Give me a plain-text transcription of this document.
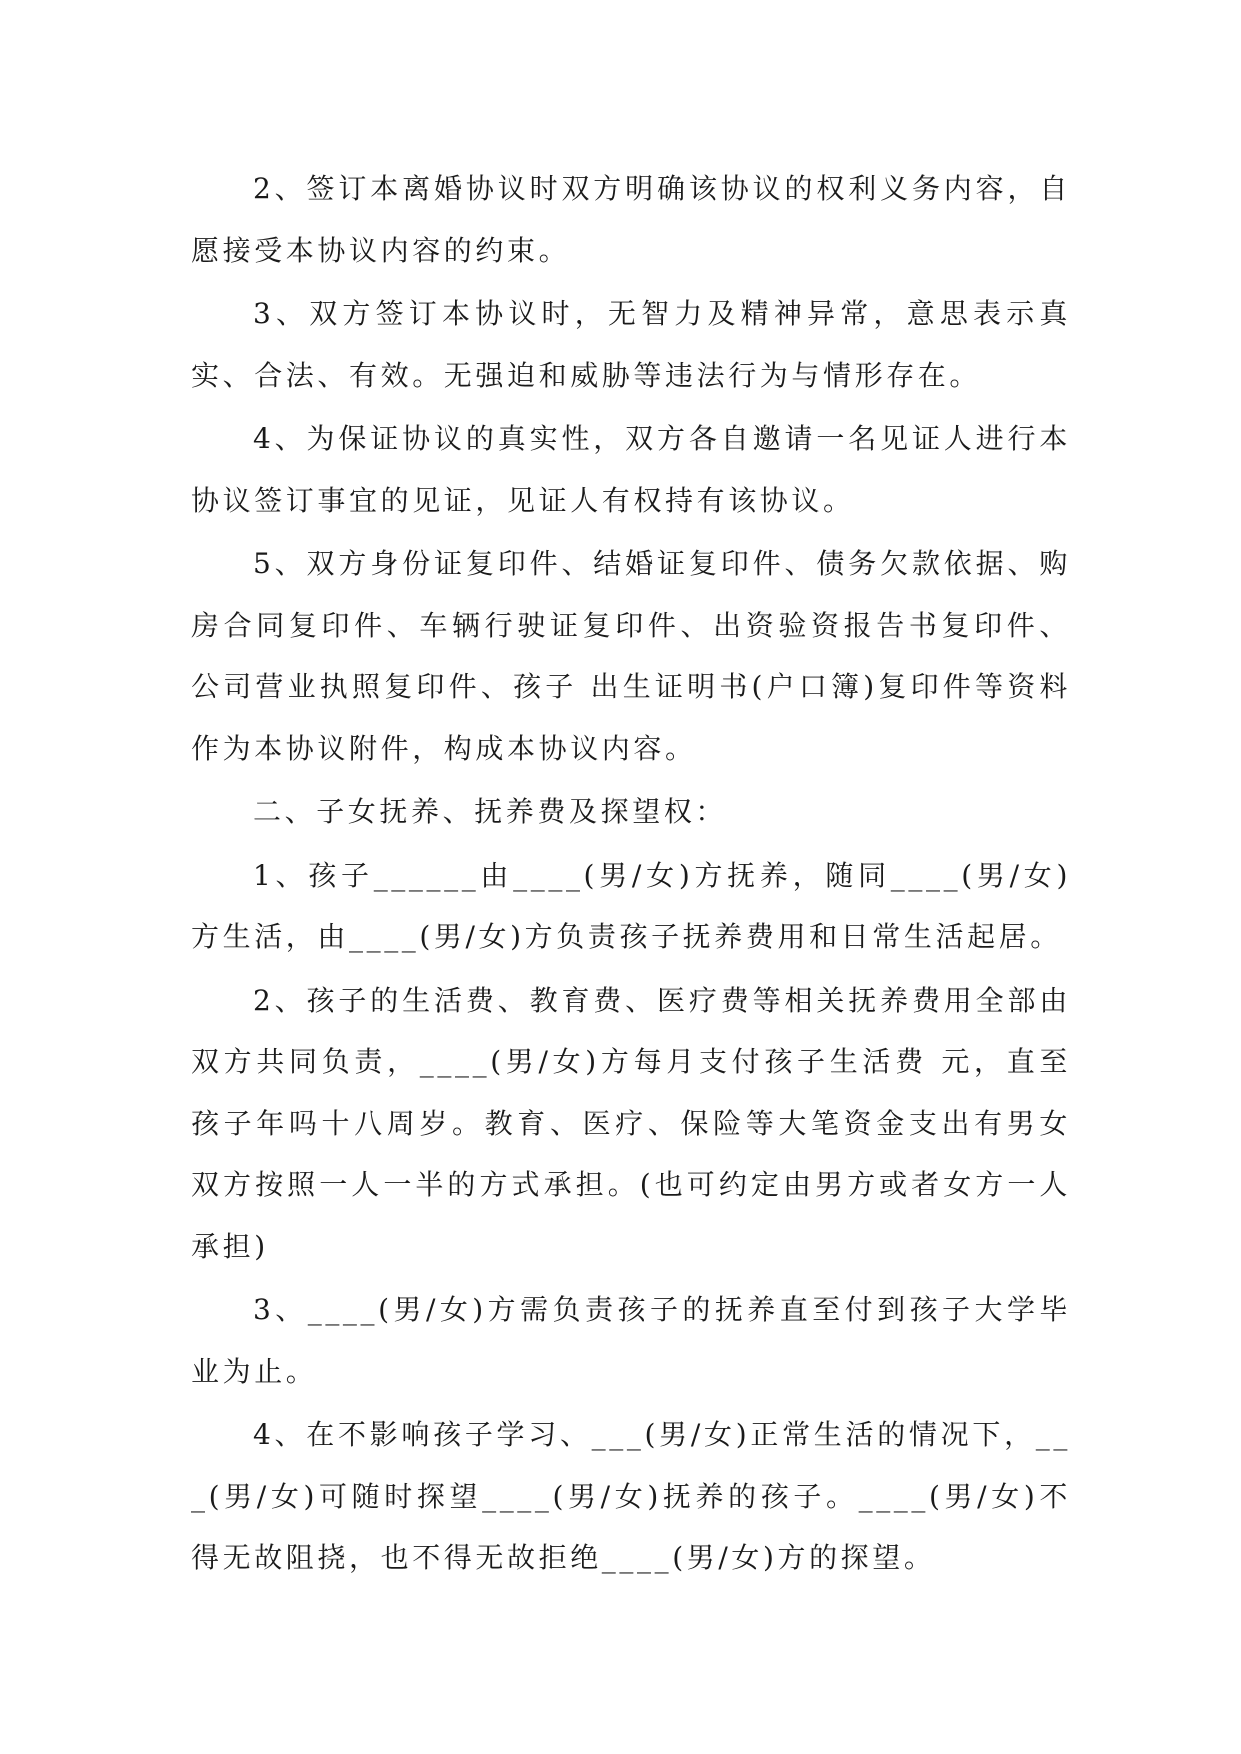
2、签订本离婚协议时双方明确该协议的权利义务内容，自愿接受本协议内容的约束。

3、双方签订本协议时，无智力及精神异常，意思表示真实、合法、有效。无强迫和威胁等违法行为与情形存在。

4、为保证协议的真实性，双方各自邀请一名见证人进行本协议签订事宜的见证，见证人有权持有该协议。

5、双方身份证复印件、结婚证复印件、债务欠款依据、购房合同复印件、车辆行驶证复印件、出资验资报告书复印件、公司营业执照复印件、孩子 出生证明书(户口簿)复印件等资料作为本协议附件，构成本协议内容。

二、子女抚养、抚养费及探望权：

1、孩子______由____(男/女)方抚养，随同____(男/女)方生活，由____(男/女)方负责孩子抚养费用和日常生活起居。

2、孩子的生活费、教育费、医疗费等相关抚养费用全部由双方共同负责，____(男/女)方每月支付孩子生活费 元，直至孩子年吗十八周岁。教育、医疗、保险等大笔资金支出有男女双方按照一人一半的方式承担。(也可约定由男方或者女方一人承担)

3、____(男/女)方需负责孩子的抚养直至付到孩子大学毕业为止。

4、在不影响孩子学习、___(男/女)正常生活的情况下，___(男/女)可随时探望____(男/女)抚养的孩子。____(男/女)不得无故阻挠，也不得无故拒绝____(男/女)方的探望。
